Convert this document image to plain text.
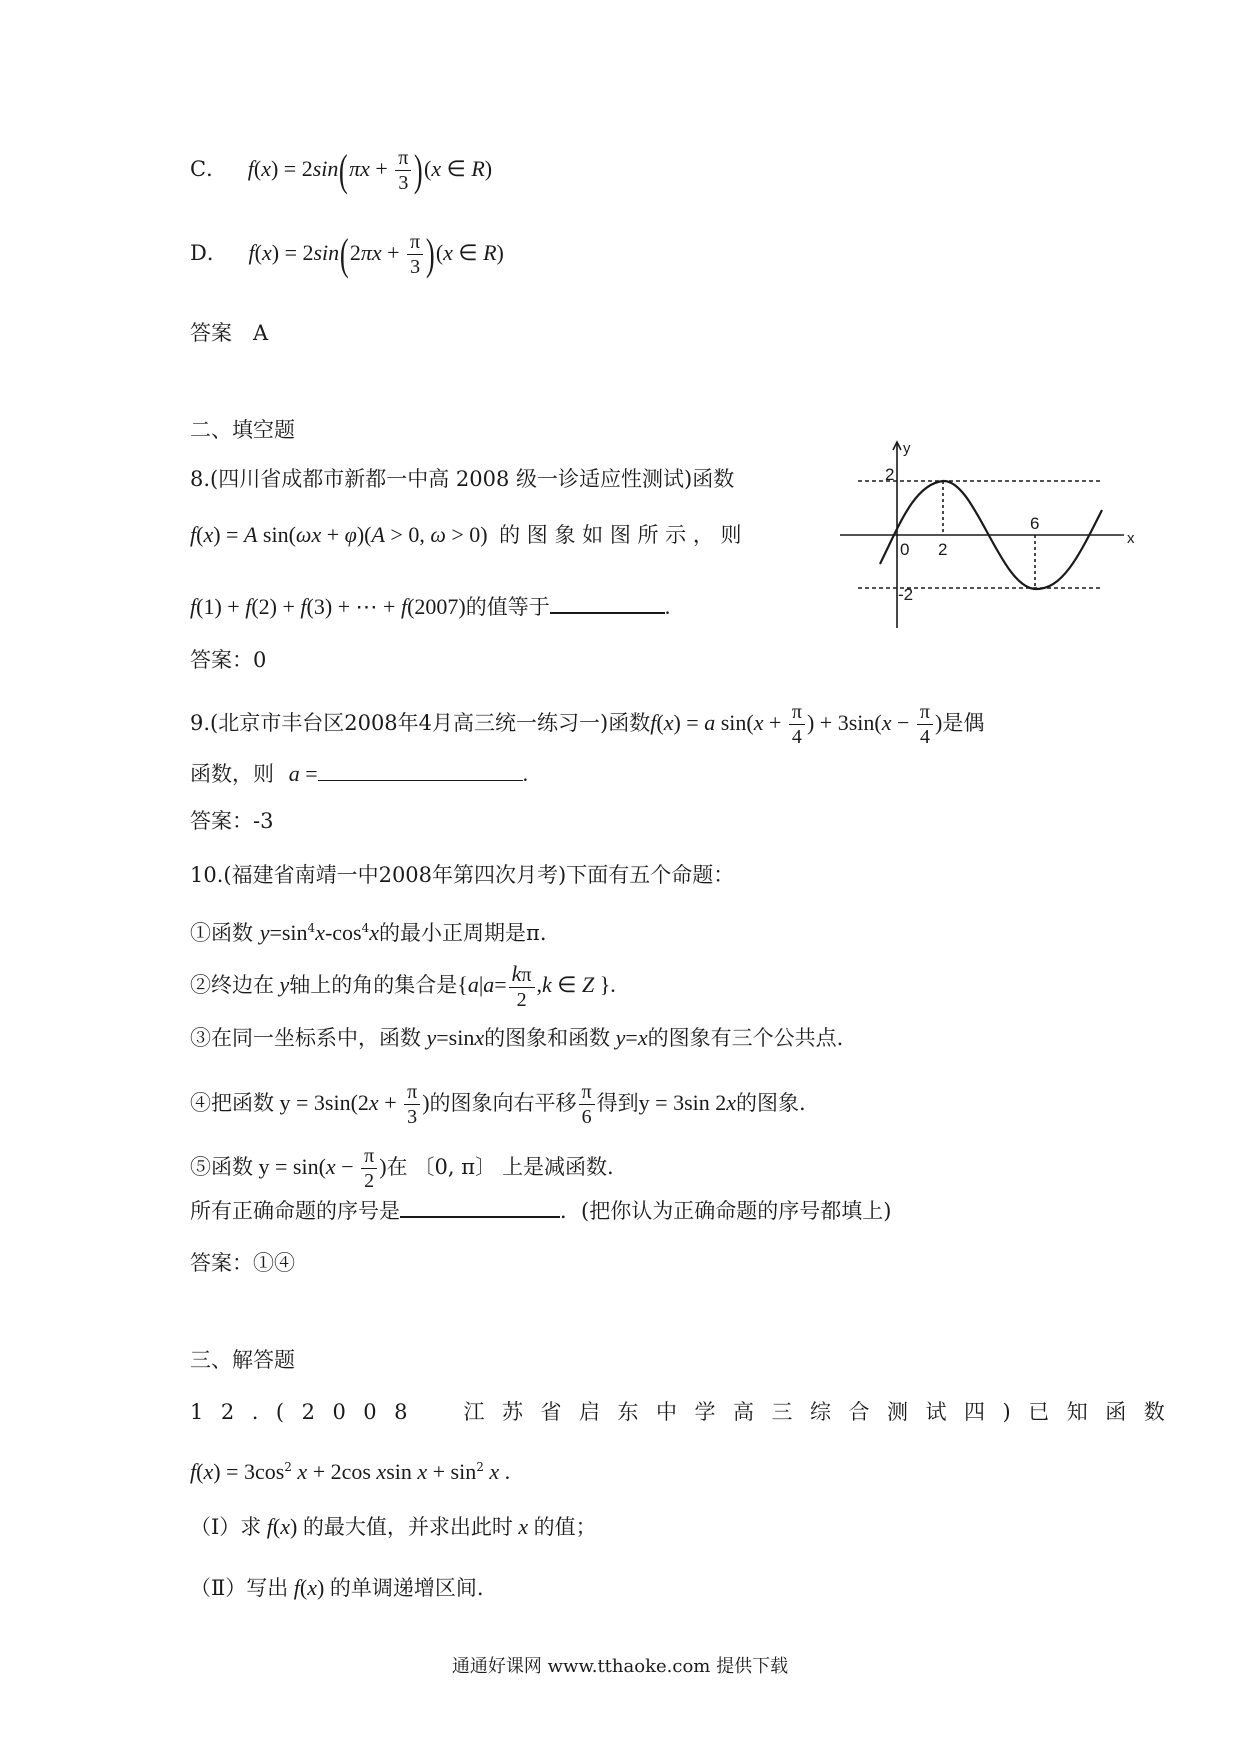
C． $f(x) = 2\sin(\pi x + \frac{\pi}{3} )(x$ ∈ R)
D． $f(x) = 2\sin(2\pi x + \frac{\pi}{3} )(x$ ∈ R)
答案　A
二、填空题
8.(四川省成都市新都一中高 2008 级一诊适应性测试)函数
f(x) = A sin(ωx + φ)(A > 0, ω > 0) 的 图 象 如 图 所 示 ， 则
f(1) + f(2) + f(3) + ⋯ + f(2007)的值等于	.
2
-2
2
6
0
x
y
答案：0
9.(北京市丰台区2008年4月高三统一练习一)函数f(x) = a $\sin(x + \frac{\pi}{4}$ ) + $3\sin(x - \frac{\pi}{4}$ )是偶
函数，则 a =	.
答案：-3
10.(福建省南靖一中2008年第四次月考)下面有五个命题：
①函数 $y=\sin^4x-\cos^4x$的最小正周期是π.
②终边在 y轴上的角的集合是{$a|a= \frac{k\pi}{2} ,k$ ∈ Z }.
③在同一坐标系中，函数 y=sinx的图象和函数 y=x的图象有三个公共点.
④把函数 $y = 3\sin(2x + \frac{\pi}{3}$ )的图象向右平移 $\frac{\pi}{6}$ 得到y = 3sin 2x的图象.
⑤函数 $y = \sin(x - \frac{\pi}{2}$ )在 〔0, π〕 上是减函数.
所有正确命题的序号是	．(把你认为正确命题的序号都填上)
答案：①④
三、解答题
12.(2008　江苏省启东中学高三综合测试四)已知函数
$f(x) = 3\cos^2$ x + 2cos xsin $x + \sin^2 x$ .
（Ⅰ）求 f(x) 的最大值，并求出此时 x 的值；
（Ⅱ）写出 f(x) 的单调递增区间.
通通好课网 www.tthaoke.com 提供下载
